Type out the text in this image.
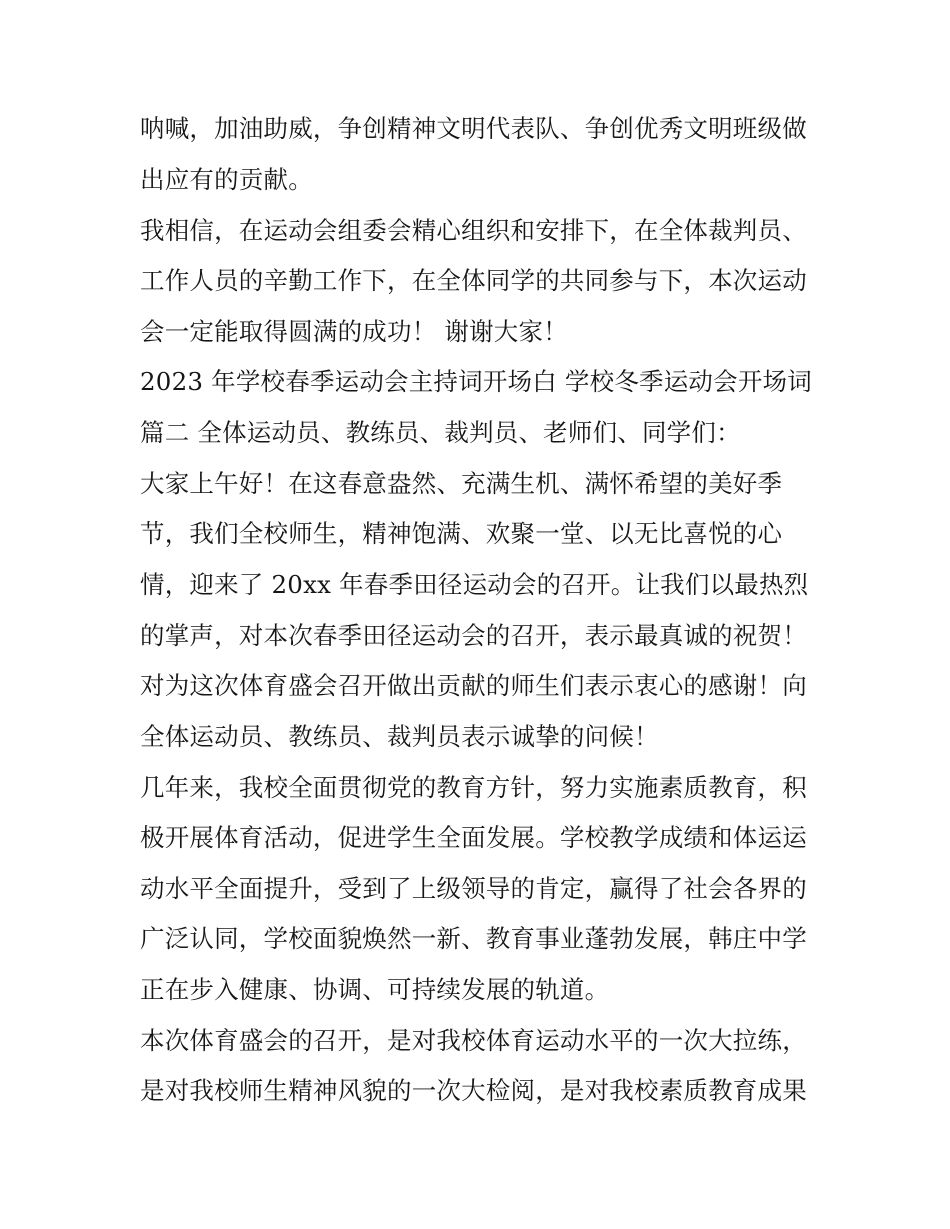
呐喊，加油助威，争创精神文明代表队、争创优秀文明班级做
出应有的贡献。
我相信，在运动会组委会精心组织和安排下，在全体裁判员、
工作人员的辛勤工作下，在全体同学的共同参与下，本次运动
会一定能取得圆满的成功！ 谢谢大家！
2023 年学校春季运动会主持词开场白 学校冬季运动会开场词
篇二 全体运动员、教练员、裁判员、老师们、同学们：
大家上午好！在这春意盎然、充满生机、满怀希望的美好季
节，我们全校师生，精神饱满、欢聚一堂、以无比喜悦的心
情，迎来了 20xx 年春季田径运动会的召开。让我们以最热烈
的掌声，对本次春季田径运动会的召开，表示最真诚的祝贺！
对为这次体育盛会召开做出贡献的师生们表示衷心的感谢！向
全体运动员、教练员、裁判员表示诚挚的问候！
几年来，我校全面贯彻党的教育方针，努力实施素质教育，积
极开展体育活动，促进学生全面发展。学校教学成绩和体运运
动水平全面提升，受到了上级领导的肯定，赢得了社会各界的
广泛认同，学校面貌焕然一新、教育事业蓬勃发展，韩庄中学
正在步入健康、协调、可持续发展的轨道。
本次体育盛会的召开，是对我校体育运动水平的一次大拉练，
是对我校师生精神风貌的一次大检阅，是对我校素质教育成果
